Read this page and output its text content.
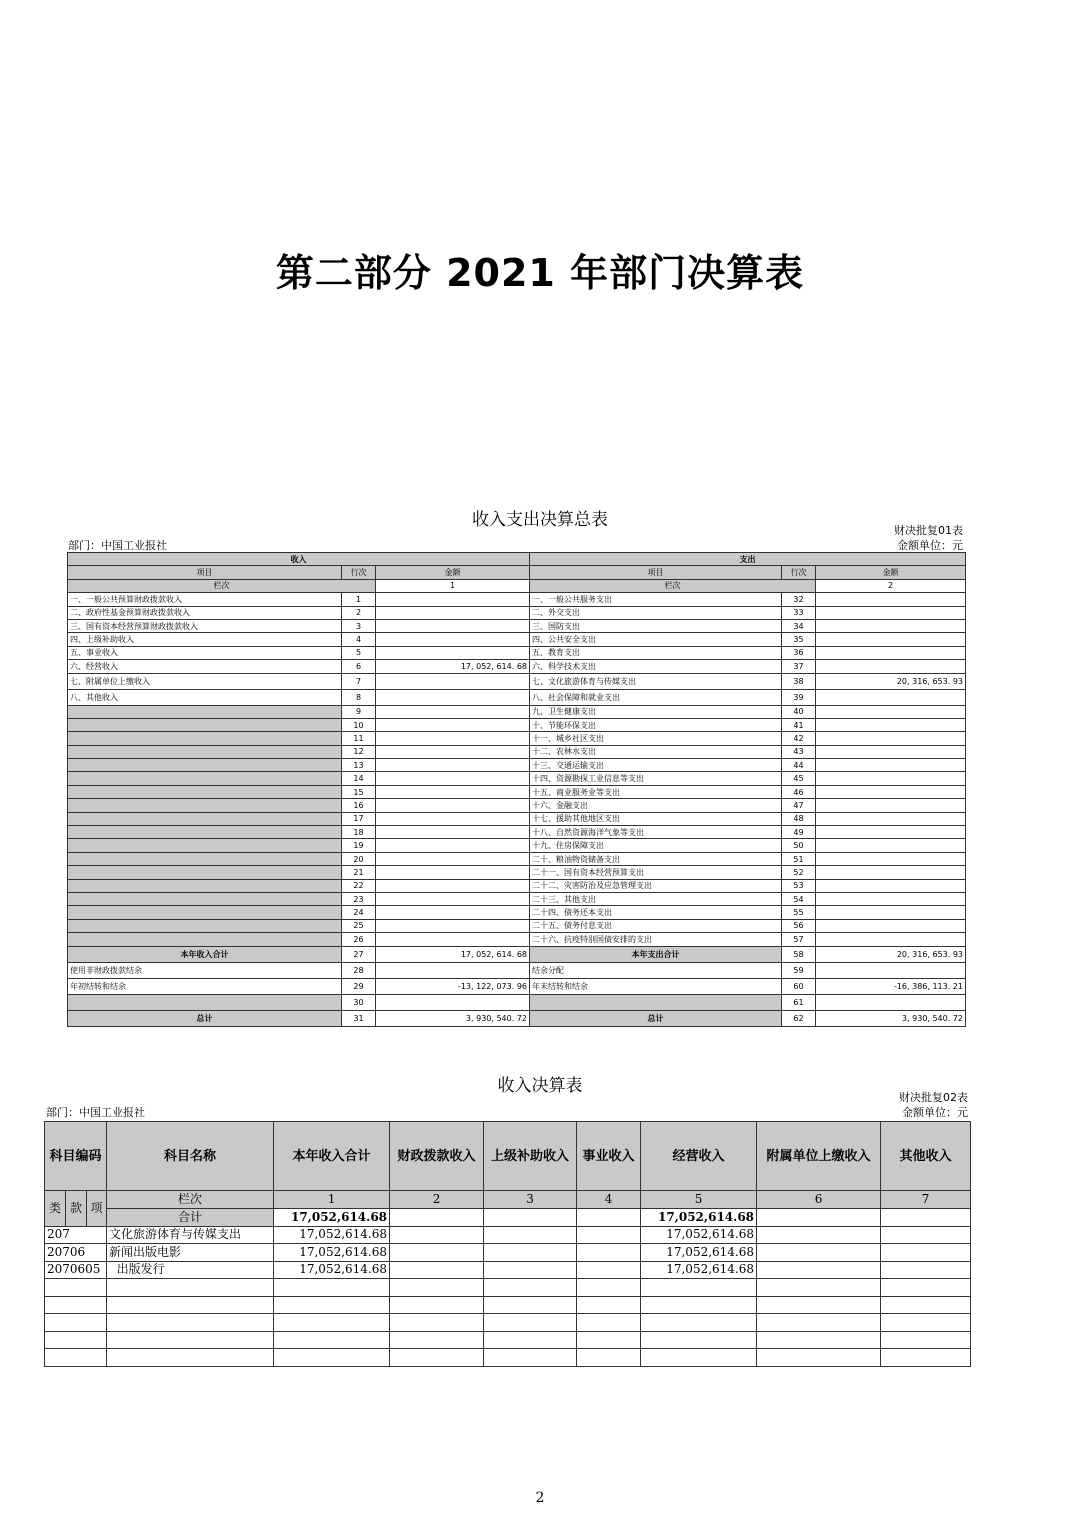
第二部分 2021 年部门决算表
收入支出决算总表
财决批复01表
部门：中国工业报社	金额单位：元
收入			支出		
项目	行次	金额	项目	行次	金额
栏次		1	栏次		2
一、一般公共预算财政拨款收入	1		一、一般公共服务支出	32	
二、政府性基金预算财政拨款收入	2		二、外交支出	33	
三、国有资本经营预算财政拨款收入	3		三、国防支出	34	
四、上级补助收入	4		四、公共安全支出	35	
五、事业收入	5		五、教育支出	36	
六、经营收入	6	17, 052, 614. 68	六、科学技术支出	37	
七、附属单位上缴收入	7		七、文化旅游体育与传媒支出	38	20, 316, 653. 93
八、其他收入	8		八、社会保障和就业支出	39	
	9		九、卫生健康支出	40	
	10		十、节能环保支出	41	
	11		十一、城乡社区支出	42	
	12		十二、农林水支出	43	
	13		十三、交通运输支出	44	
	14		十四、资源勘探工业信息等支出	45	
	15		十五、商业服务业等支出	46	
	16		十六、金融支出	47	
	17		十七、援助其他地区支出	48	
	18		十八、自然资源海洋气象等支出	49	
	19		十九、住房保障支出	50	
	20		二十、粮油物资储备支出	51	
	21		二十一、国有资本经营预算支出	52	
	22		二十二、灾害防治及应急管理支出	53	
	23		二十三、其他支出	54	
	24		二十四、债务还本支出	55	
	25		二十五、债务付息支出	56	
	26		二十六、抗疫特别国债安排的支出	57	
本年收入合计	27	17, 052, 614. 68	本年支出合计	58	20, 316, 653. 93
使用非财政拨款结余	28		结余分配	59	
年初结转和结余	29	-13, 122, 073. 96	年末结转和结余	60	-16, 386, 113. 21
	30			61	
总计	31	3, 930, 540. 72	总计	62	3, 930, 540. 72
收入决算表
财决批复02表
部门：中国工业报社	金额单位：元
科目编码			科目名称	本年收入合计	财政拨款收入	上级补助收入	事业收入	经营收入	附属单位上缴收入	其他收入
类	款	项	栏次	1	2	3	4	5	6	7
			合计	17,052,614.68				17,052,614.68		
207			文化旅游体育与传媒支出	17,052,614.68				17,052,614.68		
20706			新闻出版电影	17,052,614.68				17,052,614.68		
2070605			出版发行	17,052,614.68				17,052,614.68		

2
